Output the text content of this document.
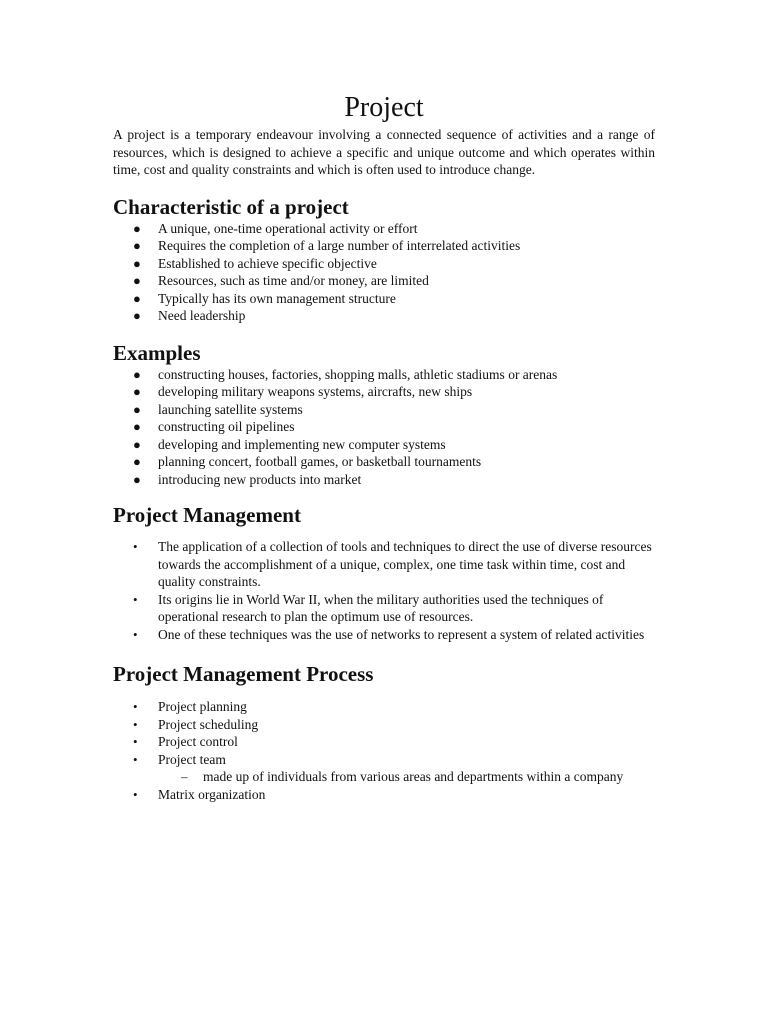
Project

A project is a temporary endeavour involving a connected sequence of activities and a range of resources, which is designed to achieve a specific and unique outcome and which operates within time, cost and quality constraints and which is often used to introduce change.

Characteristic of a project
● A unique, one-time operational activity or effort
● Requires the completion of a large number of interrelated activities
● Established to achieve specific objective
● Resources, such as time and/or money, are limited
● Typically has its own management structure
● Need leadership
Examples
● constructing houses, factories, shopping malls, athletic stadiums or arenas
● developing military weapons systems, aircrafts, new ships
● launching satellite systems
● constructing oil pipelines
● developing and implementing new computer systems
● planning concert, football games, or basketball tournaments
● introducing new products into market
Project Management
• The application of a collection of tools and techniques to direct the use of diverse resources towards the accomplishment of a unique, complex, one time task within time, cost and quality constraints.
• Its origins lie in World War II, when the military authorities used the techniques of operational research to plan the optimum use of resources.
• One of these techniques was the use of networks to represent a system of related activities
Project Management Process
• Project planning
• Project scheduling
• Project control
• Project team
– made up of individuals from various areas and departments within a company
• Matrix organization
